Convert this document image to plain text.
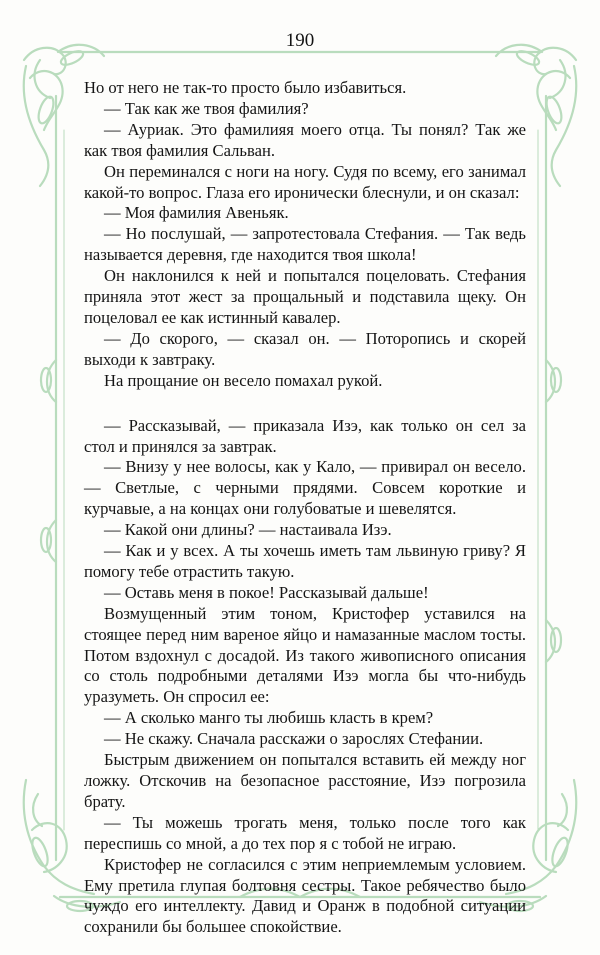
190

Но от него не так-то просто было избавиться.

— Так как же твоя фамилия?

— Ауриак. Это фамилияя моего отца. Ты понял? Так же как твоя фамилия Сальван.

Он переминался с ноги на ногу. Судя по всему, его занимал какой-то вопрос. Глаза его иронически блеснули, и он сказал:

— Моя фамилия Авеньяк.

— Но послушай, — запротестовала Стефания. — Так ведь называется деревня, где находится твоя школа!

Он наклонился к ней и попытался поцеловать. Стефания приняла этот жест за прощальный и подставила щеку. Он поцеловал ее как истинный кавалер.

— До скорого, — сказал он. — Поторопись и скорей выходи к завтраку.

На прощание он весело помахал рукой.

— Рассказывай, — приказала Изэ, как только он сел за стол и принялся за завтрак.

— Внизу у нее волосы, как у Кало, — привирал он весело. — Светлые, с черными прядями. Совсем короткие и курчавые, а на концах они голубоватые и шевелятся.

— Какой они длины? — настаивала Изэ.

— Как и у всех. А ты хочешь иметь там львиную гриву? Я помогу тебе отрастить такую.

— Оставь меня в покое! Рассказывай дальше!

Возмущенный этим тоном, Кристофер уставился на стоящее перед ним вареное яйцо и намазанные маслом тосты. Потом вздохнул с досадой. Из такого живописного описания со столь подробными деталями Изэ могла бы что-нибудь уразуметь. Он спросил ее:

— А сколько манго ты любишь класть в крем?

— Не скажу. Сначала расскажи о зарослях Стефании.

Быстрым движением он попытался вставить ей между ног ложку. Отскочив на безопасное расстояние, Изэ погрозила брату.

— Ты можешь трогать меня, только после того как переспишь со мной, а до тех пор я с тобой не играю.

Кристофер не согласился с этим неприемлемым условием. Ему претила глупая болтовня сестры. Такое ребячество было чуждо его интеллекту. Давид и Оранж в подобной ситуации сохранили бы большее спокойствие.
